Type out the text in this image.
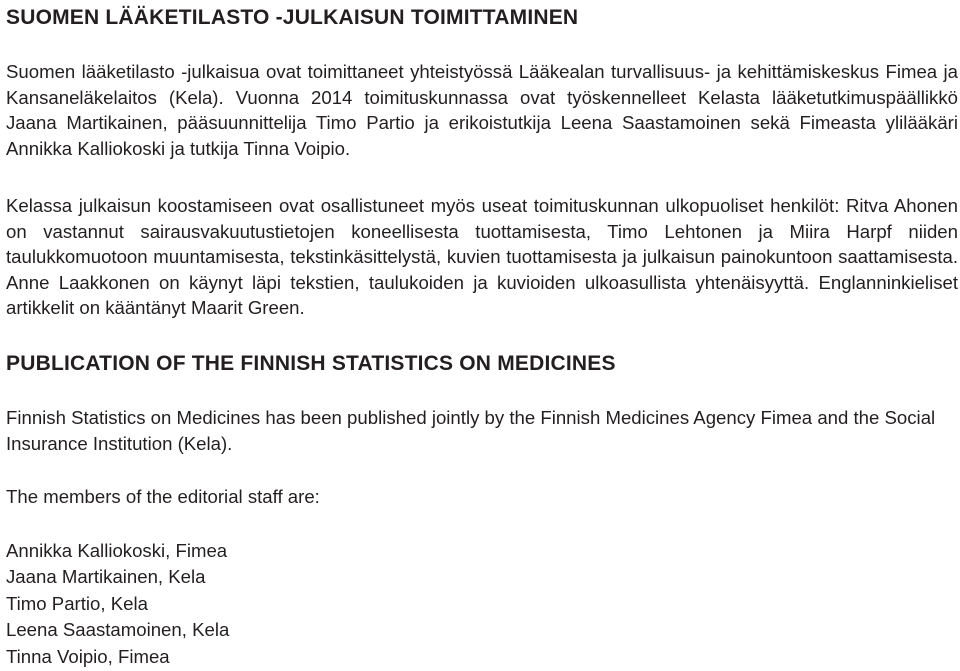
SUOMEN LÄÄKETILASTO -JULKAISUN TOIMITTAMINEN

Suomen lääketilasto -julkaisua ovat toimittaneet yhteistyössä Lääkealan turvallisuus- ja kehittämiskeskus Fimea ja Kansaneläkelaitos (Kela). Vuonna 2014 toimituskunnassa ovat työskennelleet Kelasta lääketutkimuspäällikkö Jaana Martikainen, pääsuunnittelija Timo Partio ja erikoistutkija Leena Saastamoinen sekä Fimeasta ylilääkäri Annikka Kalliokoski ja tutkija Tinna Voipio.

Kelassa julkaisun koostamiseen ovat osallistuneet myös useat toimituskunnan ulkopuoliset henkilöt: Ritva Ahonen on vastannut sairausvakuutustietojen koneellisesta tuottamisesta, Timo Lehtonen ja Miira Harpf niiden taulukkomuotoon muuntamisesta, tekstinkäsittelystä, kuvien tuottamisesta ja julkaisun painokuntoon saattamisesta. Anne Laakkonen on käynyt läpi tekstien, taulukoiden ja kuvioiden ulkoasullista yhtenäisyyttä. Englanninkieliset artikkelit on kääntänyt Maarit Green.

PUBLICATION OF THE FINNISH STATISTICS ON MEDICINES

Finnish Statistics on Medicines has been published jointly by the Finnish Medicines Agency Fimea and the Social Insurance Institution (Kela).

The members of the editorial staff are:

Annikka Kalliokoski, Fimea
Jaana Martikainen, Kela
Timo Partio, Kela
Leena Saastamoinen, Kela
Tinna Voipio, Fimea
